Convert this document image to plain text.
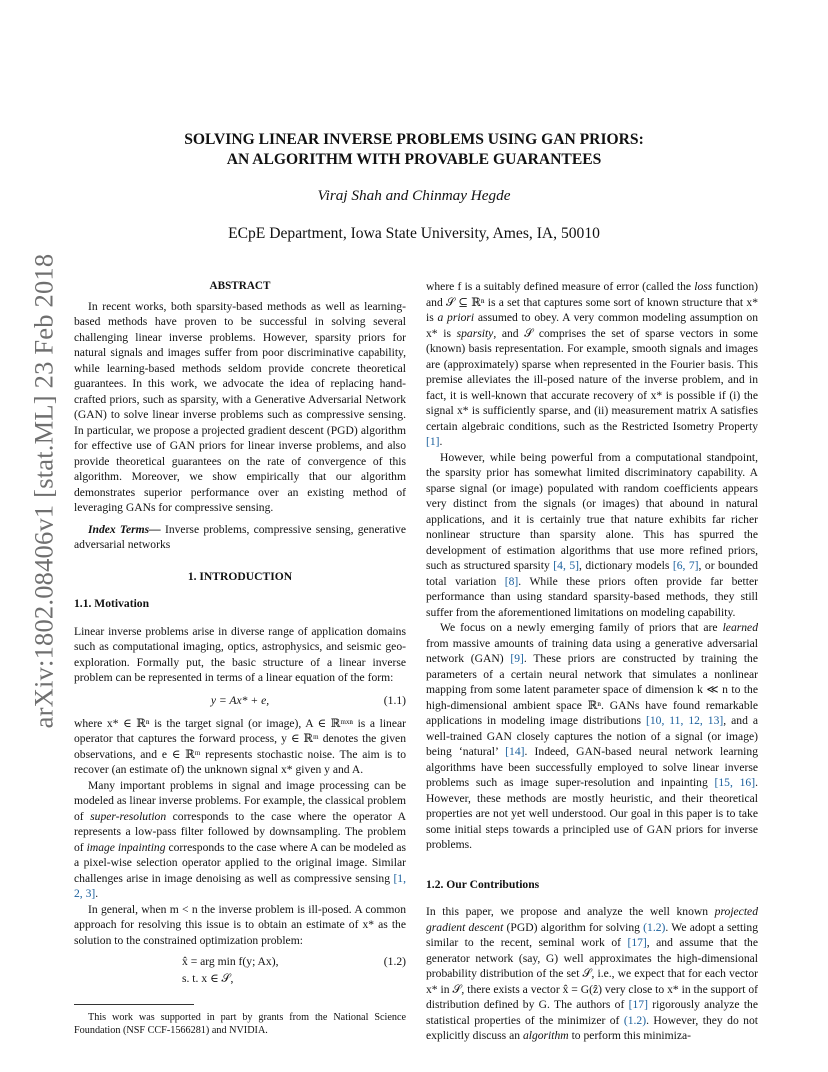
arXiv:1802.08406v1 [stat.ML] 23 Feb 2018
SOLVING LINEAR INVERSE PROBLEMS USING GAN PRIORS:
AN ALGORITHM WITH PROVABLE GUARANTEES
Viraj Shah and Chinmay Hegde
ECpE Department, Iowa State University, Ames, IA, 50010
ABSTRACT

In recent works, both sparsity-based methods as well as learning-based methods have proven to be successful in solving several challenging linear inverse problems. However, sparsity priors for natural signals and images suffer from poor discriminative capability, while learning-based methods seldom provide concrete theoretical guarantees. In this work, we advocate the idea of replacing hand-crafted priors, such as sparsity, with a Generative Adversarial Network (GAN) to solve linear inverse problems such as compressive sensing. In particular, we propose a projected gradient descent (PGD) algorithm for effective use of GAN priors for linear inverse problems, and also provide theoretical guarantees on the rate of convergence of this algorithm. Moreover, we show empirically that our algorithm demonstrates superior performance over an existing method of leveraging GANs for compressive sensing.

Index Terms— Inverse problems, compressive sensing, generative adversarial networks

1. INTRODUCTION
1.1. Motivation

Linear inverse problems arise in diverse range of application domains such as computational imaging, optics, astrophysics, and seismic geo-exploration. Formally put, the basic structure of a linear inverse problem can be represented in terms of a linear equation of the form:

y = Ax* + e,	(1.1)

where x* ∈ ℝⁿ is the target signal (or image), A ∈ ℝᵐˣⁿ is a linear operator that captures the forward process, y ∈ ℝᵐ denotes the given observations, and e ∈ ℝᵐ represents stochastic noise. The aim is to recover (an estimate of) the unknown signal x* given y and A.

Many important problems in signal and image processing can be modeled as linear inverse problems. For example, the classical problem of super-resolution corresponds to the case where the operator A represents a low-pass filter followed by downsampling. The problem of image inpainting corresponds to the case where A can be modeled as a pixel-wise selection operator applied to the original image. Similar challenges arise in image denoising as well as compressive sensing [1, 2, 3].

In general, when m < n the inverse problem is ill-posed. A common approach for resolving this issue is to obtain an estimate of x* as the solution to the constrained optimization problem:

x̂ = arg min f(y; Ax),
s. t. x ∈ 𝒮,
(1.2)

This work was supported in part by grants from the National Science Foundation (NSF CCF-1566281) and NVIDIA.

where f is a suitably defined measure of error (called the loss function) and 𝒮 ⊆ ℝⁿ is a set that captures some sort of known structure that x* is a priori assumed to obey. A very common modeling assumption on x* is sparsity, and 𝒮 comprises the set of sparse vectors in some (known) basis representation. For example, smooth signals and images are (approximately) sparse when represented in the Fourier basis. This premise alleviates the ill-posed nature of the inverse problem, and in fact, it is well-known that accurate recovery of x* is possible if (i) the signal x* is sufficiently sparse, and (ii) measurement matrix A satisfies certain algebraic conditions, such as the Restricted Isometry Property [1].

However, while being powerful from a computational standpoint, the sparsity prior has somewhat limited discriminatory capability. A sparse signal (or image) populated with random coefficients appears very distinct from the signals (or images) that abound in natural applications, and it is certainly true that nature exhibits far richer nonlinear structure than sparsity alone. This has spurred the development of estimation algorithms that use more refined priors, such as structured sparsity [4, 5], dictionary models [6, 7], or bounded total variation [8]. While these priors often provide far better performance than using standard sparsity-based methods, they still suffer from the aforementioned limitations on modeling capability.

We focus on a newly emerging family of priors that are learned from massive amounts of training data using a generative adversarial network (GAN) [9]. These priors are constructed by training the parameters of a certain neural network that simulates a nonlinear mapping from some latent parameter space of dimension k ≪ n to the high-dimensional ambient space ℝⁿ. GANs have found remarkable applications in modeling image distributions [10, 11, 12, 13], and a well-trained GAN closely captures the notion of a signal (or image) being ‘natural’ [14]. Indeed, GAN-based neural network learning algorithms have been successfully employed to solve linear inverse problems such as image super-resolution and inpainting [15, 16]. However, these methods are mostly heuristic, and their theoretical properties are not yet well understood. Our goal in this paper is to take some initial steps towards a principled use of GAN priors for inverse problems.

1.2. Our Contributions

In this paper, we propose and analyze the well known projected gradient descent (PGD) algorithm for solving (1.2). We adopt a setting similar to the recent, seminal work of [17], and assume that the generator network (say, G) well approximates the high-dimensional probability distribution of the set 𝒮, i.e., we expect that for each vector x* in 𝒮, there exists a vector x̂ = G(ẑ) very close to x* in the support of distribution defined by G. The authors of [17] rigorously analyze the statistical properties of the minimizer of (1.2). However, they do not explicitly discuss an algorithm to perform this minimiza-
